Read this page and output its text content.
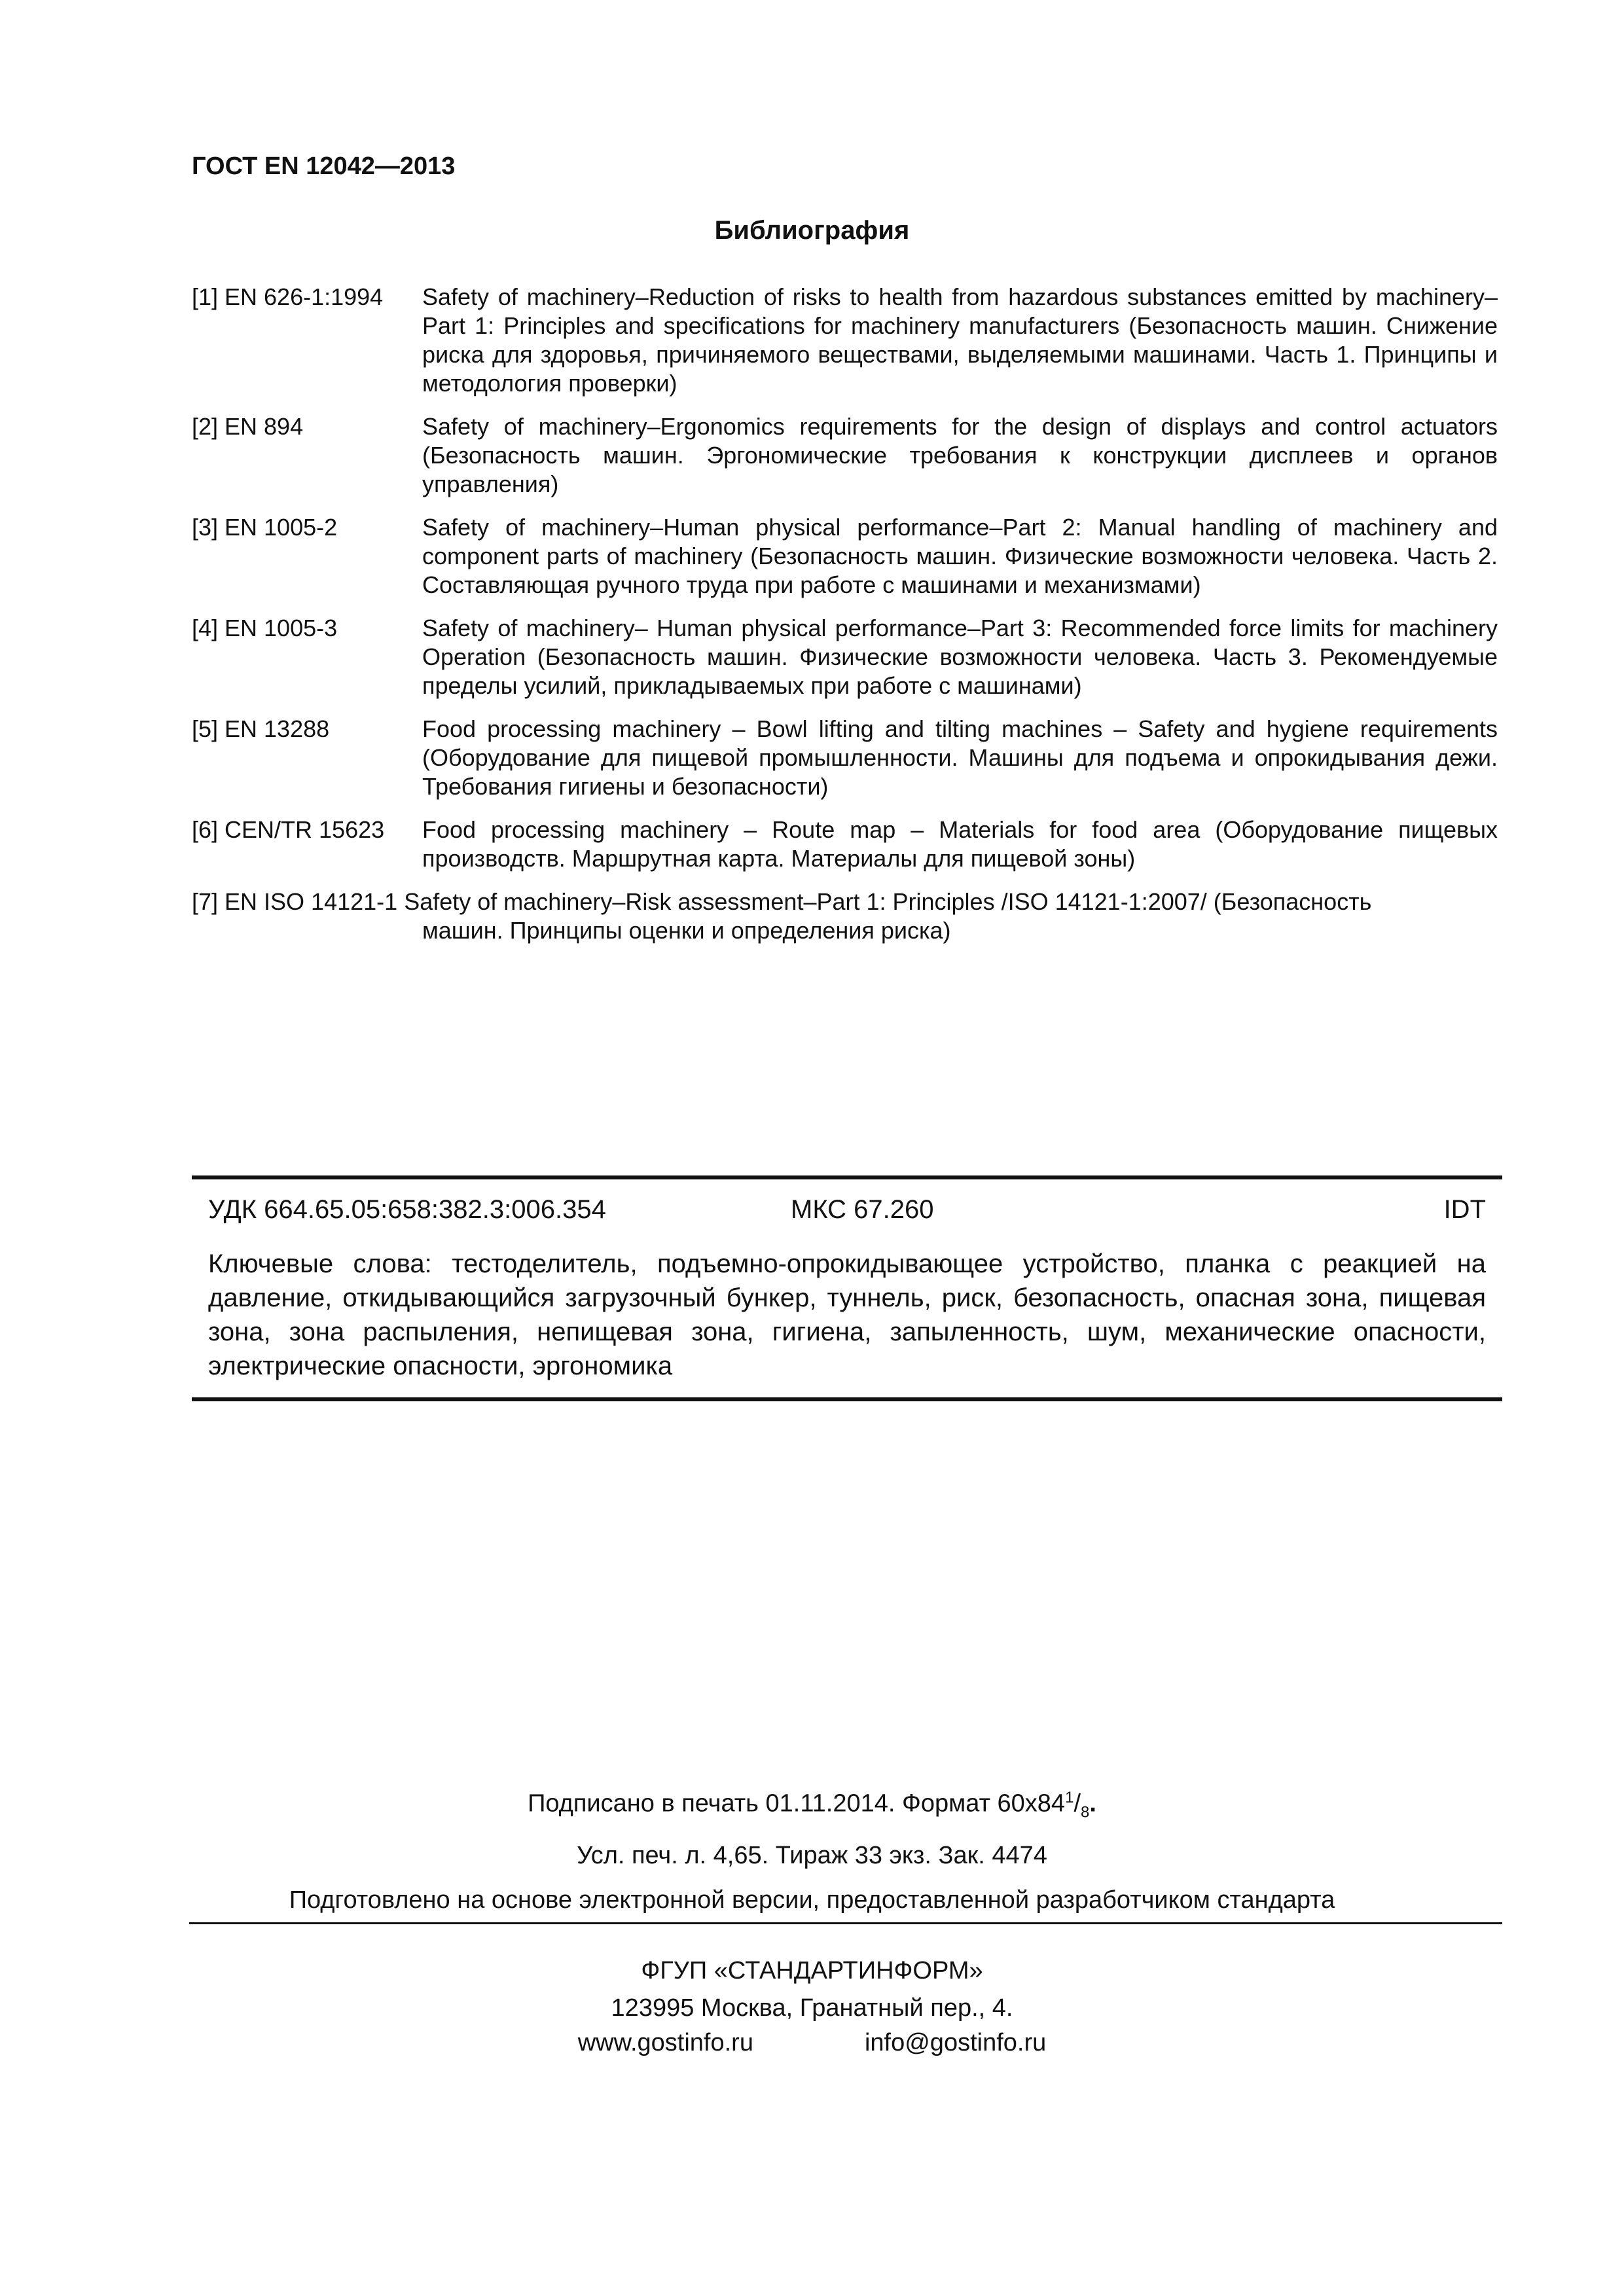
ГОСТ EN 12042—2013
Библиография
[1] EN 626-1:1994	Safety of machinery–Reduction of risks to health from hazardous substances emitted by machinery–Part 1: Principles and specifications for machinery manufacturers (Безопасность машин. Снижение риска для здоровья, причиняемого веществами, выделяемыми машинами. Часть 1. Принципы и методология проверки)
[2] EN 894	Safety of machinery–Ergonomics requirements for the design of displays and control actuators (Безопасность машин. Эргономические требования к конструкции дисплеев и органов управления)
[3] EN 1005-2	Safety of machinery–Human physical performance–Part 2: Manual handling of machinery and component parts of machinery (Безопасность машин. Физические возможности человека. Часть 2. Составляющая ручного труда при работе с машинами и механизмами)
[4] EN 1005-3	Safety of machinery– Human physical performance–Part 3: Recommended force limits for machinery Operation (Безопасность машин. Физические возможности человека. Часть 3. Рекомендуемые пределы усилий, прикладываемых при работе с машинами)
[5] EN 13288	Food processing machinery – Bowl lifting and tilting machines – Safety and hygiene requirements (Оборудование для пищевой промышленности. Машины для подъема и опрокидывания дежи. Требования гигиены и безопасности)
[6] CEN/TR 15623	Food processing machinery – Route map – Materials for food area (Оборудование пищевых производств. Маршрутная карта. Материалы для пищевой зоны)
[7] EN ISO 14121-1 Safety of machinery–Risk assessment–Part 1: Principles /ISO 14121-1:2007/ (Безопасность
машин. Принципы оценки и определения риска)
УДК 664.65.05:658:382.3:006.354	МКС 67.260	IDT
Ключевые слова: тестоделитель, подъемно-опрокидывающее устройство, планка с реакцией на давление, откидывающийся загрузочный бункер, туннель, риск, безопасность, опасная зона, пищевая зона, зона распыления, непищевая зона, гигиена, запыленность, шум, механические опасности, электрические опасности, эргономика
Подписано в печать 01.11.2014. Формат $60х84^1/_8$.
Усл. печ. л. 4,65. Тираж 33 экз. Зак. 4474
Подготовлено на основе электронной версии, предоставленной разработчиком стандарта
ФГУП «СТАНДАРТИНФОРМ»
123995 Москва, Гранатный пер., 4.
www.gostinfo.ru	info@gostinfo.ru
